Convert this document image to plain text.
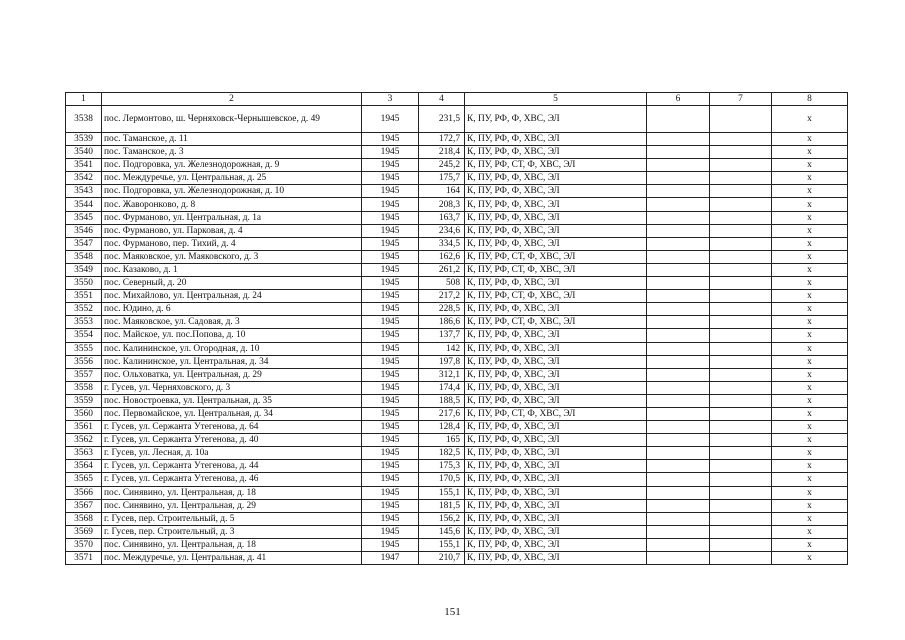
1	2	3	4	5	6	7	8
3538	пос. Лермонтово, ш. Черняховск-Чернышевское, д. 49	1945	231,5	К, ПУ, РФ, Ф, ХВС, ЭЛ			x
3539	пос. Таманское, д. 11	1945	172,7	К, ПУ, РФ, Ф, ХВС, ЭЛ			x
3540	пос. Таманское, д. 3	1945	218,4	К, ПУ, РФ, Ф, ХВС, ЭЛ			x
3541	пос. Подгоровка, ул. Железнодорожная, д. 9	1945	245,2	К, ПУ, РФ, СТ, Ф, ХВС, ЭЛ			x
3542	пос. Междуречье, ул. Центральная, д. 25	1945	175,7	К, ПУ, РФ, Ф, ХВС, ЭЛ			x
3543	пос. Подгоровка, ул. Железнодорожная, д. 10	1945	164	К, ПУ, РФ, Ф, ХВС, ЭЛ			x
3544	пос. Жаворонково, д. 8	1945	208,3	К, ПУ, РФ, Ф, ХВС, ЭЛ			x
3545	пос. Фурманово, ул. Центральная, д. 1а	1945	163,7	К, ПУ, РФ, Ф, ХВС, ЭЛ			x
3546	пос. Фурманово, ул. Парковая, д. 4	1945	234,6	К, ПУ, РФ, Ф, ХВС, ЭЛ			x
3547	пос. Фурманово, пер. Тихий, д. 4	1945	334,5	К, ПУ, РФ, Ф, ХВС, ЭЛ			x
3548	пос. Маяковское, ул. Маяковского, д. 3	1945	162,6	К, ПУ, РФ, СТ, Ф, ХВС, ЭЛ			x
3549	пос. Казаково, д. 1	1945	261,2	К, ПУ, РФ, СТ, Ф, ХВС, ЭЛ			x
3550	пос. Северный, д. 20	1945	508	К, ПУ, РФ, Ф, ХВС, ЭЛ			x
3551	пос. Михайлово, ул. Центральная, д. 24	1945	217,2	К, ПУ, РФ, СТ, Ф, ХВС, ЭЛ			x
3552	пос. Юдино, д. 6	1945	228,5	К, ПУ, РФ, Ф, ХВС, ЭЛ			x
3553	пос. Маяковское, ул. Садовая, д. 3	1945	186,6	К, ПУ, РФ, СТ, Ф, ХВС, ЭЛ			x
3554	пос. Майское, ул. пос.Попова, д. 10	1945	137,7	К, ПУ, РФ, Ф, ХВС, ЭЛ			x
3555	пос. Калининское, ул. Огородная, д. 10	1945	142	К, ПУ, РФ, Ф, ХВС, ЭЛ			x
3556	пос. Калининское, ул. Центральная, д. 34	1945	197,8	К, ПУ, РФ, Ф, ХВС, ЭЛ			x
3557	пос. Ольховатка, ул. Центральная, д. 29	1945	312,1	К, ПУ, РФ, Ф, ХВС, ЭЛ			x
3558	г. Гусев, ул. Черняховского, д. 3	1945	174,4	К, ПУ, РФ, Ф, ХВС, ЭЛ			x
3559	пос. Новостроевка, ул. Центральная, д. 35	1945	188,5	К, ПУ, РФ, Ф, ХВС, ЭЛ			x
3560	пос. Первомайское, ул. Центральная, д. 34	1945	217,6	К, ПУ, РФ, СТ, Ф, ХВС, ЭЛ			x
3561	г. Гусев, ул. Сержанта Утегенова, д. 64	1945	128,4	К, ПУ, РФ, Ф, ХВС, ЭЛ			x
3562	г. Гусев, ул. Сержанта Утегенова, д. 40	1945	165	К, ПУ, РФ, Ф, ХВС, ЭЛ			x
3563	г. Гусев, ул. Лесная, д. 10а	1945	182,5	К, ПУ, РФ, Ф, ХВС, ЭЛ			x
3564	г. Гусев, ул. Сержанта Утегенова, д. 44	1945	175,3	К, ПУ, РФ, Ф, ХВС, ЭЛ			x
3565	г. Гусев, ул. Сержанта Утегенова, д. 46	1945	170,5	К, ПУ, РФ, Ф, ХВС, ЭЛ			x
3566	пос. Синявино, ул. Центральная, д. 18	1945	155,1	К, ПУ, РФ, Ф, ХВС, ЭЛ			x
3567	пос. Синявино, ул. Центральная, д. 29	1945	181,5	К, ПУ, РФ, Ф, ХВС, ЭЛ			x
3568	г. Гусев, пер. Строительный, д. 5	1945	156,2	К, ПУ, РФ, Ф, ХВС, ЭЛ			x
3569	г. Гусев, пер. Строительный, д. 3	1945	145,6	К, ПУ, РФ, Ф, ХВС, ЭЛ			x
3570	пос. Синявино, ул. Центральная, д. 18	1945	155,1	К, ПУ, РФ, Ф, ХВС, ЭЛ			x
3571	пос. Междуречье, ул. Центральная, д. 41	1947	210,7	К, ПУ, РФ, Ф, ХВС, ЭЛ			x
151
